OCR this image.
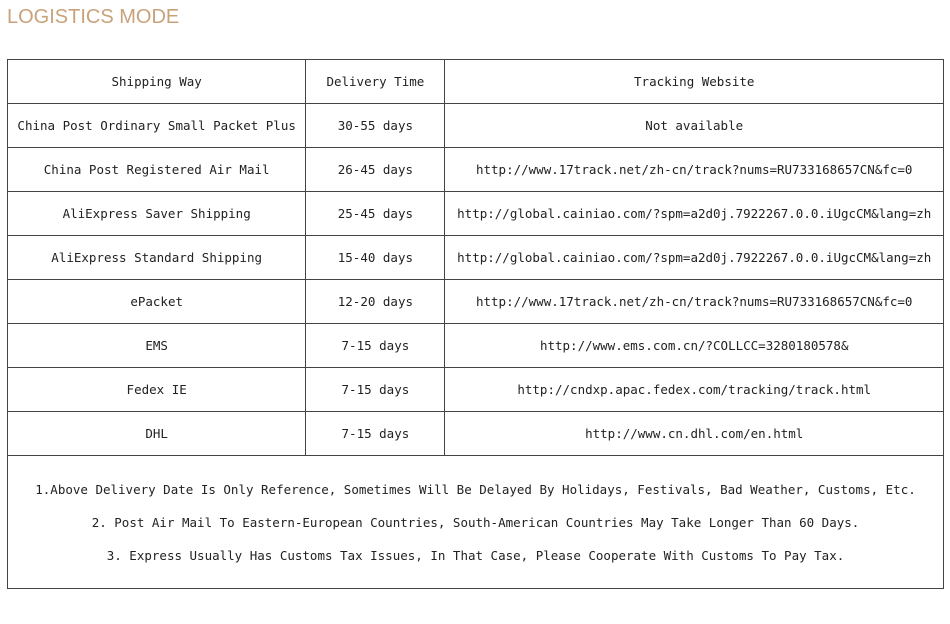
LOGISTICS MODE
Shipping Way	Delivery Time	Tracking Website
China Post Ordinary Small Packet Plus	30-55 days	Not available
China Post Registered Air Mail	26-45 days	http://www.17track.net/zh-cn/track?nums=RU733168657CN&fc=0
AliExpress Saver Shipping	25-45 days	http://global.cainiao.com/?spm=a2d0j.7922267.0.0.iUgcCM&lang=zh
AliExpress Standard Shipping	15-40 days	http://global.cainiao.com/?spm=a2d0j.7922267.0.0.iUgcCM&lang=zh
ePacket	12-20 days	http://www.17track.net/zh-cn/track?nums=RU733168657CN&fc=0
EMS	7-15 days	http://www.ems.com.cn/?COLLCC=3280180578&
Fedex IE	7-15 days	http://cndxp.apac.fedex.com/tracking/track.html
DHL	7-15 days	http://www.cn.dhl.com/en.html

1.Above Delivery Date Is Only Reference, Sometimes Will Be Delayed By Holidays, Festivals, Bad Weather, Customs, Etc.
2. Post Air Mail To Eastern-European Countries, South-American Countries May Take Longer Than 60 Days.
3. Express Usually Has Customs Tax Issues, In That Case, Please Cooperate With Customs To Pay Tax.		
